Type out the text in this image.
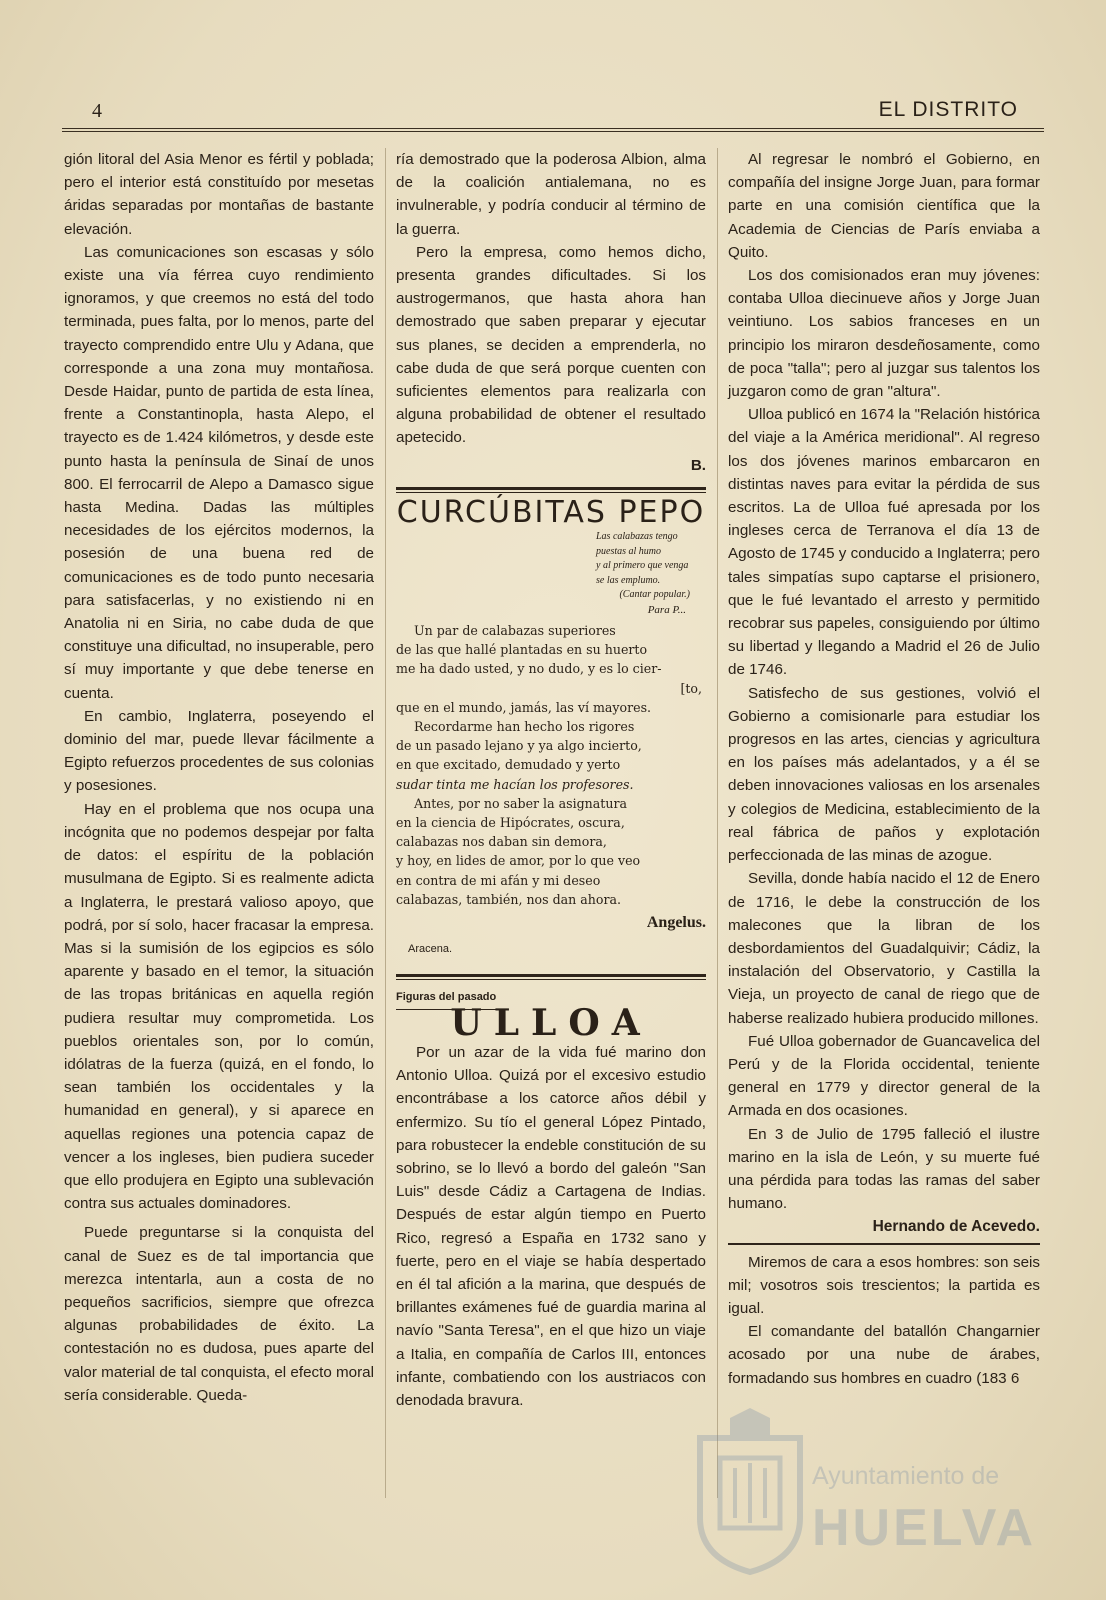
4	EL DISTRITO

gión litoral del Asia Menor es fértil y poblada; pero el interior está constituído por mesetas áridas separadas por montañas de bastante elevación.

Las comunicaciones son escasas y sólo existe una vía férrea cuyo rendimiento ignoramos, y que creemos no está del todo terminada, pues falta, por lo menos, parte del trayecto comprendido entre Ulu y Adana, que corresponde a una zona muy montañosa. Desde Haidar, punto de partida de esta línea, frente a Constantinopla, hasta Alepo, el trayecto es de 1.424 kilómetros, y desde este punto hasta la península de Sinaí de unos 800. El ferrocarril de Alepo a Damasco sigue hasta Medina. Dadas las múltiples necesidades de los ejércitos modernos, la posesión de una buena red de comunicaciones es de todo punto necesaria para satisfacerlas, y no existiendo ni en Anatolia ni en Siria, no cabe duda de que constituye una dificultad, no insuperable, pero sí muy importante y que debe tenerse en cuenta.

En cambio, Inglaterra, poseyendo el dominio del mar, puede llevar fácilmente a Egipto refuerzos procedentes de sus colonias y posesiones.

Hay en el problema que nos ocupa una incógnita que no podemos despejar por falta de datos: el espíritu de la población musulmana de Egipto. Si es realmente adicta a Inglaterra, le prestará valioso apoyo, que podrá, por sí solo, hacer fracasar la empresa. Mas si la sumisión de los egipcios es sólo aparente y basado en el temor, la situación de las tropas británicas en aquella región pudiera resultar muy comprometida. Los pueblos orientales son, por lo común, idólatras de la fuerza (quizá, en el fondo, lo sean también los occidentales y la humanidad en general), y si aparece en aquellas regiones una potencia capaz de vencer a los ingleses, bien pudiera suceder que ello produjera en Egipto una sublevación contra sus actuales dominadores.

Puede preguntarse si la conquista del canal de Suez es de tal importancia que merezca intentarla, aun a costa de no pequeños sacrificios, siempre que ofrezca algunas probabilidades de éxito. La contestación no es dudosa, pues aparte del valor material de tal conquista, el efecto moral sería considerable. Queda-

ría demostrado que la poderosa Albion, alma de la coalición antialemana, no es invulnerable, y podría conducir al término de la guerra.

Pero la empresa, como hemos dicho, presenta grandes dificultades. Si los austrogermanos, que hasta ahora han demostrado que saben preparar y ejecutar sus planes, se deciden a emprenderla, no cabe duda de que será porque cuenten con suficientes elementos para realizarla con alguna probabilidad de obtener el resultado apetecido.

B.
CURCÚBITAS PEPO
Las calabazas tengo
puestas al humo
y al primero que venga
se las emplumo.
(Cantar popular.)
Para P...
Un par de calabazas superiores
de las que hallé plantadas en su huerto
me ha dado usted, y no dudo, y es lo cier-
[to,
que en el mundo, jamás, las ví mayores.
Recordarme han hecho los rigores
de un pasado lejano y ya algo incierto,
en que excitado, demudado y yerto
sudar tinta me hacían los profesores.
Antes, por no saber la asignatura
en la ciencia de Hipócrates, oscura,
calabazas nos daban sin demora,
y hoy, en lides de amor, por lo que veo
en contra de mi afán y mi deseo
calabazas, también, nos dan ahora.
Angelus.
Aracena.
Figuras del pasado
ULLOA

Por un azar de la vida fué marino don Antonio Ulloa. Quizá por el excesivo estudio encontrábase a los catorce años débil y enfermizo. Su tío el general López Pintado, para robustecer la endeble constitución de su sobrino, se lo llevó a bordo del galeón "San Luis" desde Cádiz a Cartagena de Indias. Después de estar algún tiempo en Puerto Rico, regresó a España en 1732 sano y fuerte, pero en el viaje se había despertado en él tal afición a la marina, que después de brillantes exámenes fué de guardia marina al navío "Santa Teresa", en el que hizo un viaje a Italia, en compañía de Carlos III, entonces infante, combatiendo con los austriacos con denodada bravura.

Al regresar le nombró el Gobierno, en compañía del insigne Jorge Juan, para formar parte en una comisión científica que la Academia de Ciencias de París enviaba a Quito.

Los dos comisionados eran muy jóvenes: contaba Ulloa diecinueve años y Jorge Juan veintiuno. Los sabios franceses en un principio los miraron desdeñosamente, como de poca "talla"; pero al juzgar sus talentos los juzgaron como de gran "altura".

Ulloa publicó en 1674 la "Relación histórica del viaje a la América meridional". Al regreso los dos jóvenes marinos embarcaron en distintas naves para evitar la pérdida de sus escritos. La de Ulloa fué apresada por los ingleses cerca de Terranova el día 13 de Agosto de 1745 y conducido a Inglaterra; pero tales simpatías supo captarse el prisionero, que le fué levantado el arresto y permitido recobrar sus papeles, consiguiendo por último su libertad y llegando a Madrid el 26 de Julio de 1746.

Satisfecho de sus gestiones, volvió el Gobierno a comisionarle para estudiar los progresos en las artes, ciencias y agricultura en los países más adelantados, y a él se deben innovaciones valiosas en los arsenales y colegios de Medicina, establecimiento de la real fábrica de paños y explotación perfeccionada de las minas de azogue.

Sevilla, donde había nacido el 12 de Enero de 1716, le debe la construcción de los malecones que la libran de los desbordamientos del Guadalquivir; Cádiz, la instalación del Observatorio, y Castilla la Vieja, un proyecto de canal de riego que de haberse realizado hubiera producido millones.

Fué Ulloa gobernador de Guancavelica del Perú y de la Florida occidental, teniente general en 1779 y director general de la Armada en dos ocasiones.

En 3 de Julio de 1795 falleció el ilustre marino en la isla de León, y su muerte fué una pérdida para todas las ramas del saber humano.

Hernando de Acevedo.

Miremos de cara a esos hombres: son seis mil; vosotros sois trescientos; la partida es igual.

El comandante del batallón Changarnier acosado por una nube de árabes, formadando sus hombres en cuadro (183 6

Ayuntamiento de
HUELVA
